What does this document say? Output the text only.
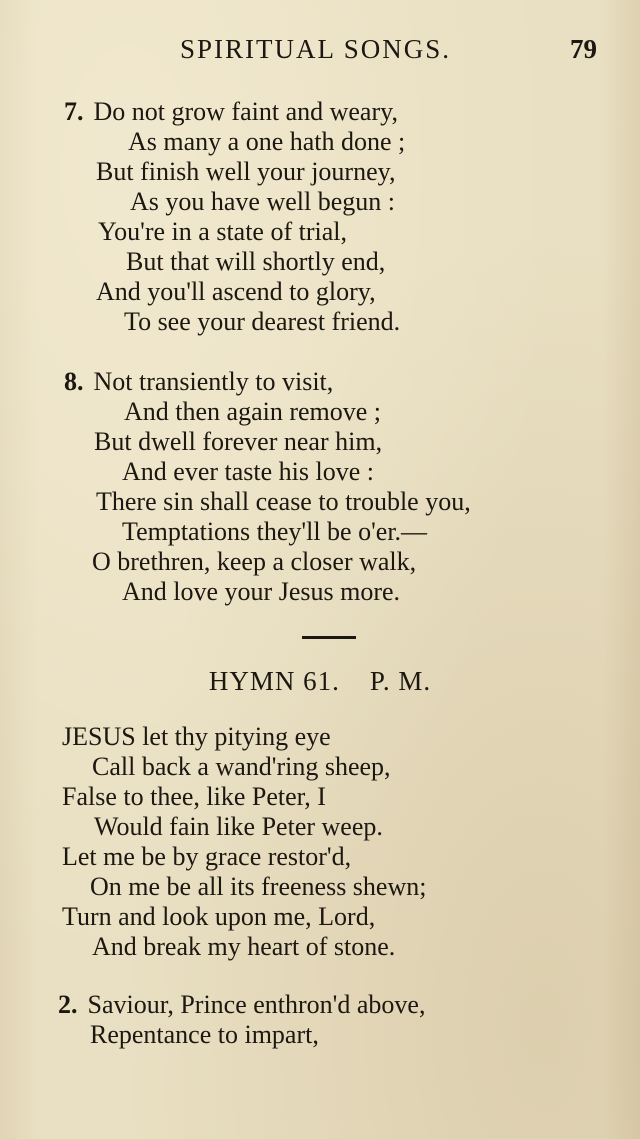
SPIRITUAL SONGS.	79
7. Do not grow faint and weary,
As many a one hath done ;
But finish well your journey,
As you have well begun :
You're in a state of trial,
But that will shortly end,
And you'll ascend to glory,
To see your dearest friend.
8. Not transiently to visit,
And then again remove ;
But dwell forever near him,
And ever taste his love :
There sin shall cease to trouble you,
Temptations they'll be o'er.—
O brethren, keep a closer walk,
And love your Jesus more.
HYMN 61. P. M.
JESUS let thy pitying eye
Call back a wand'ring sheep,
False to thee, like Peter, I
Would fain like Peter weep.
Let me be by grace restor'd,
On me be all its freeness shewn;
Turn and look upon me, Lord,
And break my heart of stone.
2. Saviour, Prince enthron'd above,
Repentance to impart,
